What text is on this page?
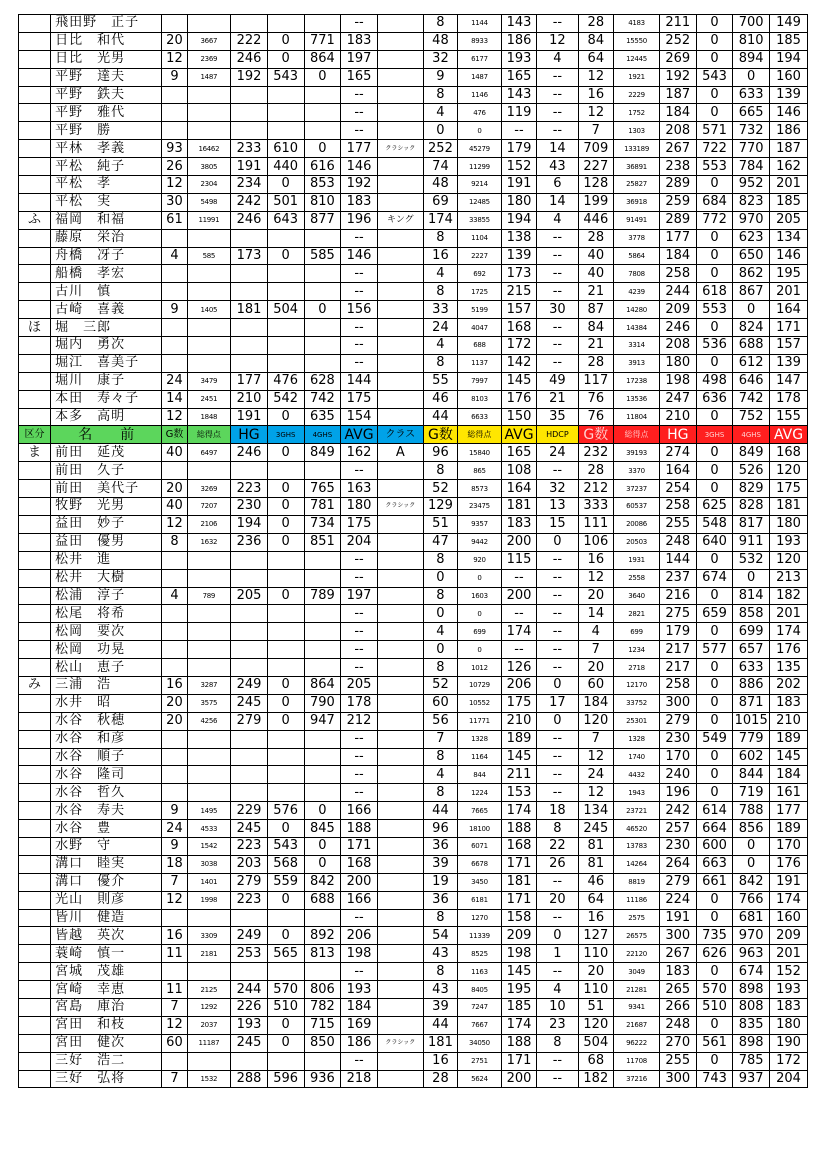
	飛田野　正子						--		8	1144	143	--	28	4183	211	0	700	149
	日比　和代	20	3667	222	0	771	183		48	8933	186	12	84	15550	252	0	810	185
	日比　光男	12	2369	246	0	864	197		32	6177	193	4	64	12445	269	0	894	194
	平野　達夫	9	1487	192	543	0	165		9	1487	165	--	12	1921	192	543	0	160
	平野　鉄夫						--		8	1146	143	--	16	2229	187	0	633	139
	平野　雅代						--		4	476	119	--	12	1752	184	0	665	146
	平野　勝						--		0	0	--	--	7	1303	208	571	732	186
	平林　孝義	93	16462	233	610	0	177	クラシック	252	45279	179	14	709	133189	267	722	770	187
	平松　純子	26	3805	191	440	616	146		74	11299	152	43	227	36891	238	553	784	162
	平松　孝	12	2304	234	0	853	192		48	9214	191	6	128	25827	289	0	952	201
	平松　実	30	5498	242	501	810	183		69	12485	180	14	199	36918	259	684	823	185
ふ	福岡　和福	61	11991	246	643	877	196	キング	174	33855	194	4	446	91491	289	772	970	205
	藤原　栄治						--		8	1104	138	--	28	3778	177	0	623	134
	舟橋　冴子	4	585	173	0	585	146		16	2227	139	--	40	5864	184	0	650	146
	船橋　孝宏						--		4	692	173	--	40	7808	258	0	862	195
	古川　慎						--		8	1725	215	--	21	4239	244	618	867	201
	古崎　喜義	9	1405	181	504	0	156		33	5199	157	30	87	14280	209	553	0	164
ほ	堀　三郎						--		24	4047	168	--	84	14384	246	0	824	171
	堀内　勇次						--		4	688	172	--	21	3314	208	536	688	157
	堀江　喜美子						--		8	1137	142	--	28	3913	180	0	612	139
	堀川　康子	24	3479	177	476	628	144		55	7997	145	49	117	17238	198	498	646	147
	本田　寿々子	14	2451	210	542	742	175		46	8103	176	21	76	13536	247	636	742	178
	本多　高明	12	1848	191	0	635	154		44	6633	150	35	76	11804	210	0	752	155
区分	名　　前	G数	総得点	HG	3GHS	4GHS	AVG	クラス	G数	総得点	AVG	HDCP	G数	総得点	HG	3GHS	4GHS	AVG
ま	前田　延茂	40	6497	246	0	849	162	A	96	15840	165	24	232	39193	274	0	849	168
	前田　久子						--		8	865	108	--	28	3370	164	0	526	120
	前田　美代子	20	3269	223	0	765	163		52	8573	164	32	212	37237	254	0	829	175
	牧野　光男	40	7207	230	0	781	180	クラシック	129	23475	181	13	333	60537	258	625	828	181
	益田　妙子	12	2106	194	0	734	175		51	9357	183	15	111	20086	255	548	817	180
	益田　優男	8	1632	236	0	851	204		47	9442	200	0	106	20503	248	640	911	193
	松井　進						--		8	920	115	--	16	1931	144	0	532	120
	松井　大樹						--		0	0	--	--	12	2558	237	674	0	213
	松浦　淳子	4	789	205	0	789	197		8	1603	200	--	20	3640	216	0	814	182
	松尾　将希						--		0	0	--	--	14	2821	275	659	858	201
	松岡　要次						--		4	699	174	--	4	699	179	0	699	174
	松岡　功晃						--		0	0	--	--	7	1234	217	577	657	176
	松山　恵子						--		8	1012	126	--	20	2718	217	0	633	135
み	三浦　浩	16	3287	249	0	864	205		52	10729	206	0	60	12170	258	0	886	202
	水井　昭	20	3575	245	0	790	178		60	10552	175	17	184	33752	300	0	871	183
	水谷　秋穂	20	4256	279	0	947	212		56	11771	210	0	120	25301	279	0	1015	210
	水谷　和彦						--		7	1328	189	--	7	1328	230	549	779	189
	水谷　順子						--		8	1164	145	--	12	1740	170	0	602	145
	水谷　隆司						--		4	844	211	--	24	4432	240	0	844	184
	水谷　哲久						--		8	1224	153	--	12	1943	196	0	719	161
	水谷　寿夫	9	1495	229	576	0	166		44	7665	174	18	134	23721	242	614	788	177
	水谷　豊	24	4533	245	0	845	188		96	18100	188	8	245	46520	257	664	856	189
	水野　守	9	1542	223	543	0	171		36	6071	168	22	81	13783	230	600	0	170
	溝口　睦実	18	3038	203	568	0	168		39	6678	171	26	81	14264	264	663	0	176
	溝口　優介	7	1401	279	559	842	200		19	3450	181	--	46	8819	279	661	842	191
	光山　則彦	12	1998	223	0	688	166		36	6181	171	20	64	11186	224	0	766	174
	皆川　健造						--		8	1270	158	--	16	2575	191	0	681	160
	皆越　英次	16	3309	249	0	892	206		54	11339	209	0	127	26575	300	735	970	209
	蓑崎　慎一	11	2181	253	565	813	198		43	8525	198	1	110	22120	267	626	963	201
	宮城　茂雄						--		8	1163	145	--	20	3049	183	0	674	152
	宮崎　幸恵	11	2125	244	570	806	193		43	8405	195	4	110	21281	265	570	898	193
	宮島　庫治	7	1292	226	510	782	184		39	7247	185	10	51	9341	266	510	808	183
	宮田　和枝	12	2037	193	0	715	169		44	7667	174	23	120	21687	248	0	835	180
	宮田　健次	60	11187	245	0	850	186	クラシック	181	34050	188	8	504	96222	270	561	898	190
	三好　浩二						--		16	2751	171	--	68	11708	255	0	785	172
	三好　弘将	7	1532	288	596	936	218		28	5624	200	--	182	37216	300	743	937	204
